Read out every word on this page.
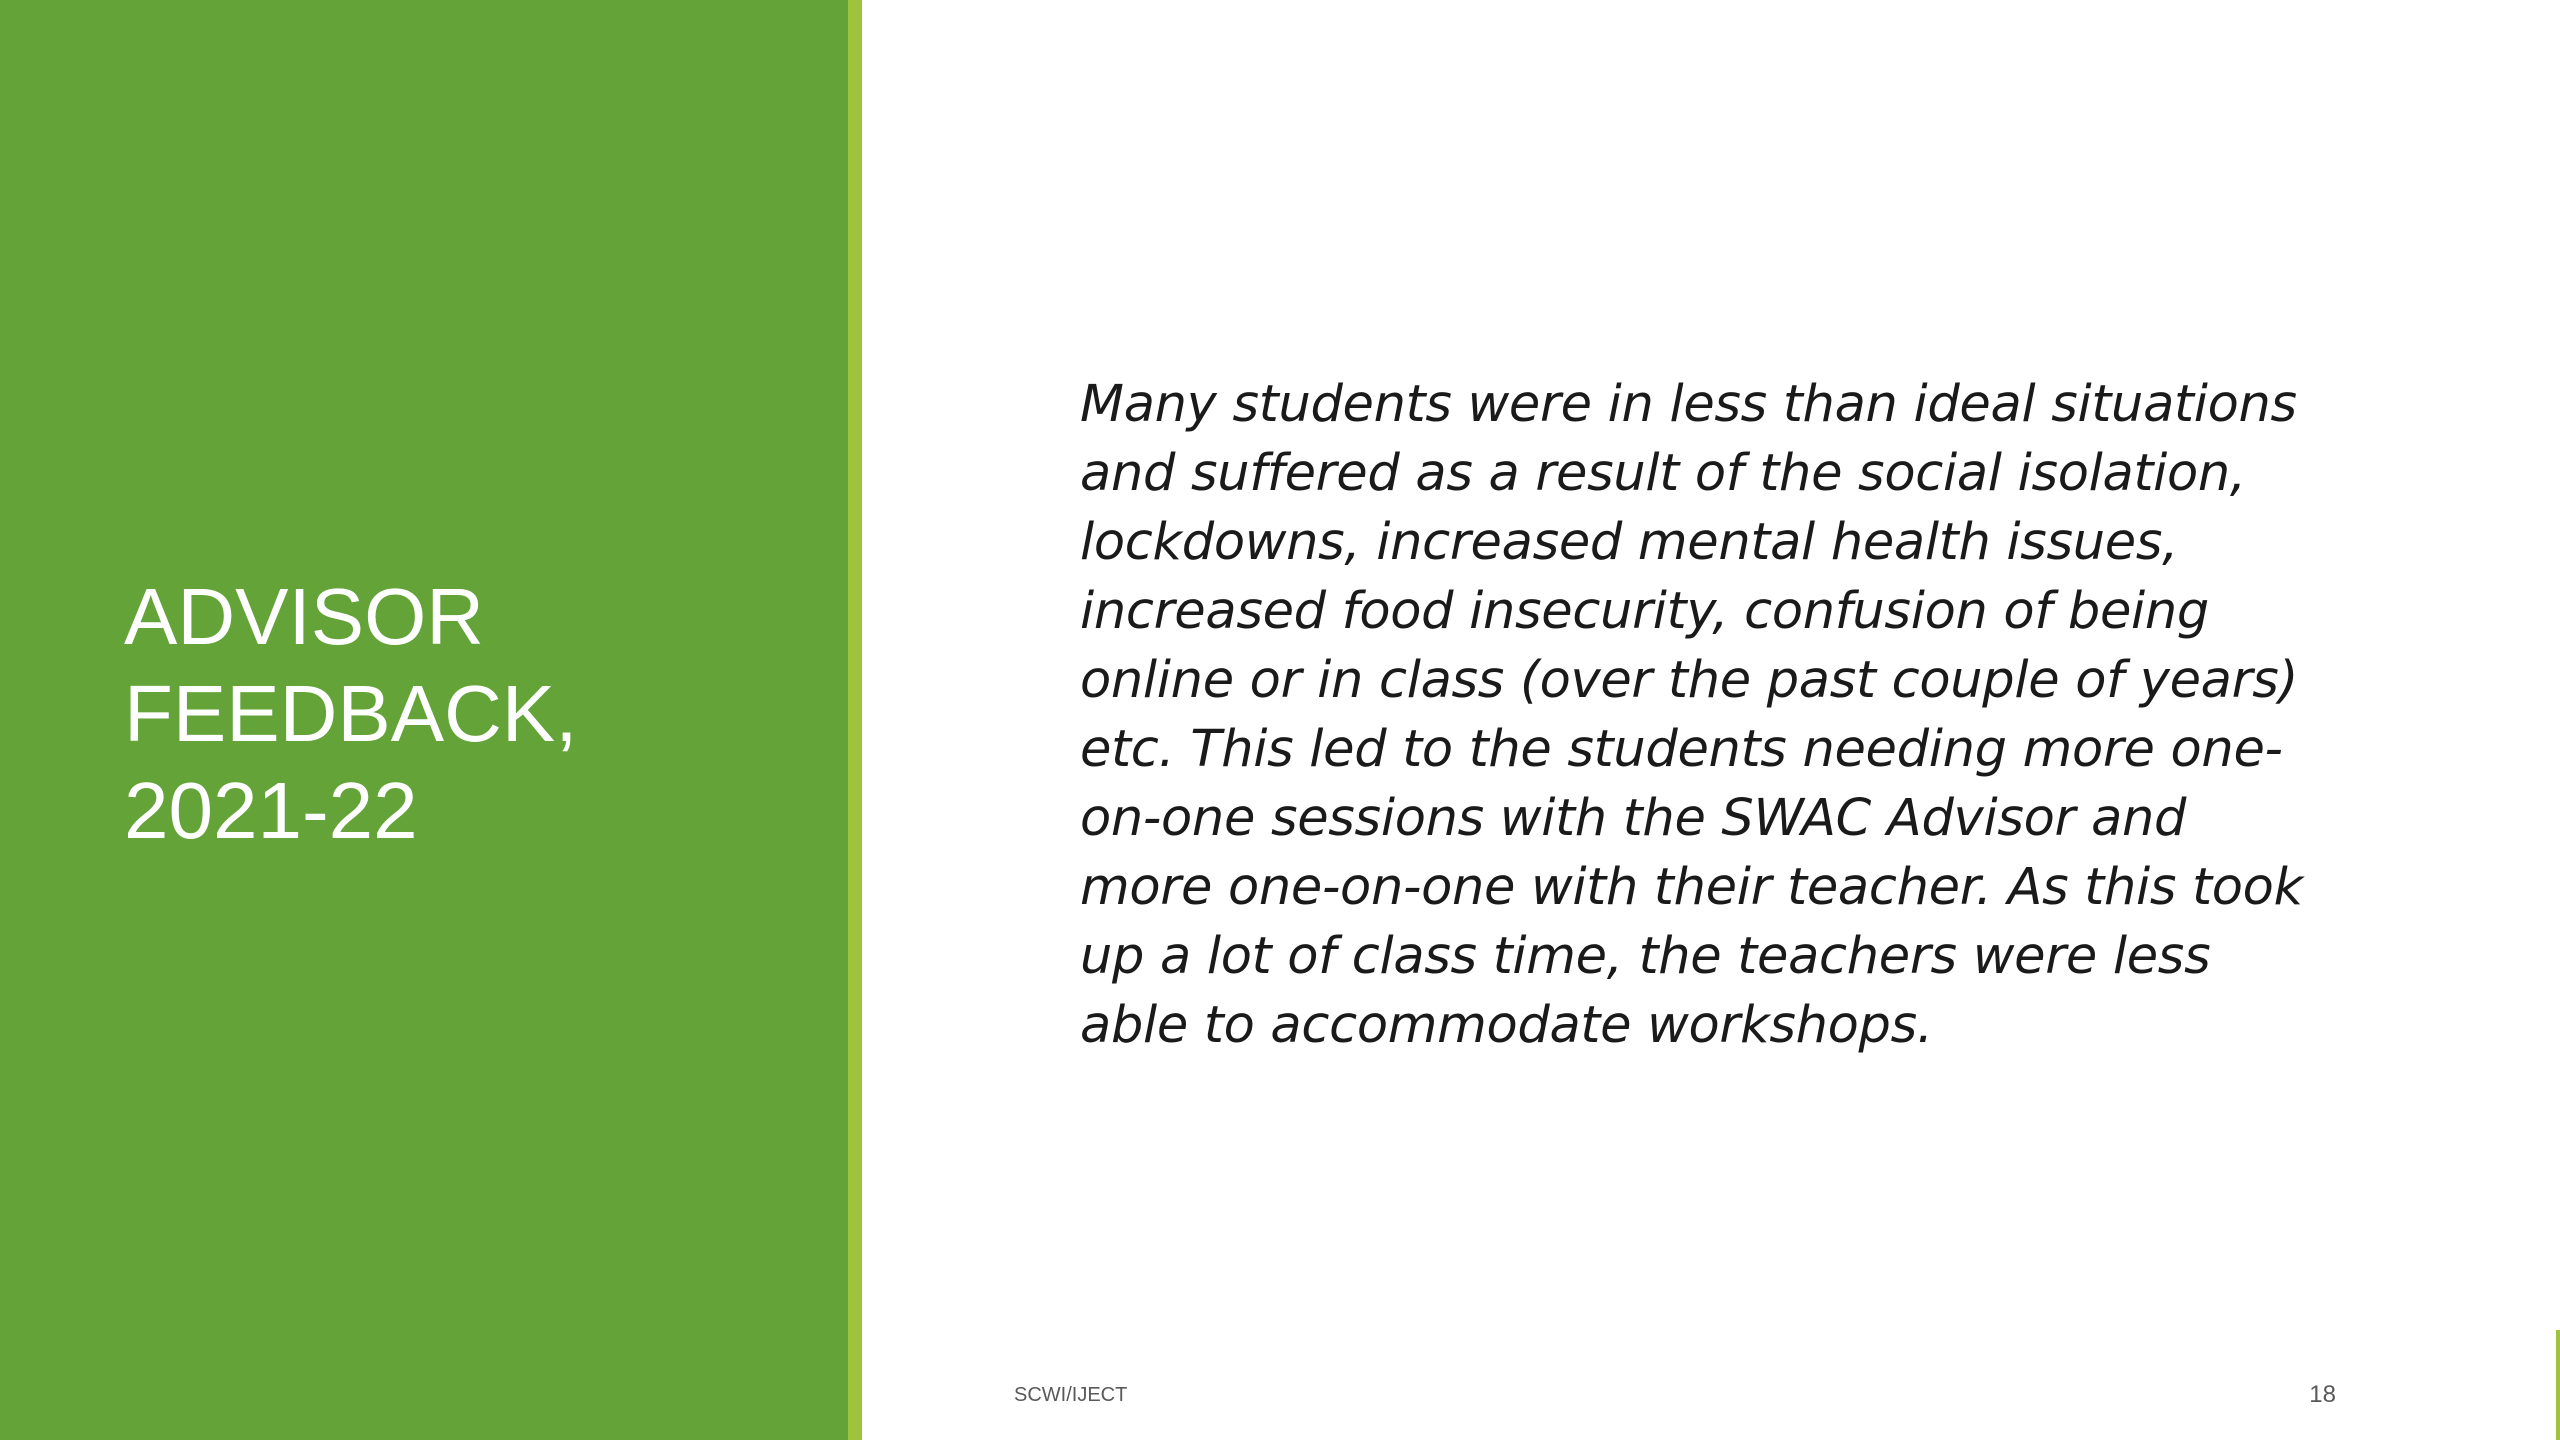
ADVISOR
FEEDBACK,
2021-22

Many students were in less than ideal situations
and suffered as a result of the social isolation,
lockdowns, increased mental health issues,
increased food insecurity, confusion of being
online or in class (over the past couple of years)
etc. This led to the students needing more one-
on-one sessions with the SWAC Advisor and
more one-on-one with their teacher. As this took
up a lot of class time, the teachers were less
able to accommodate workshops.

SCWI/IJECT	18
